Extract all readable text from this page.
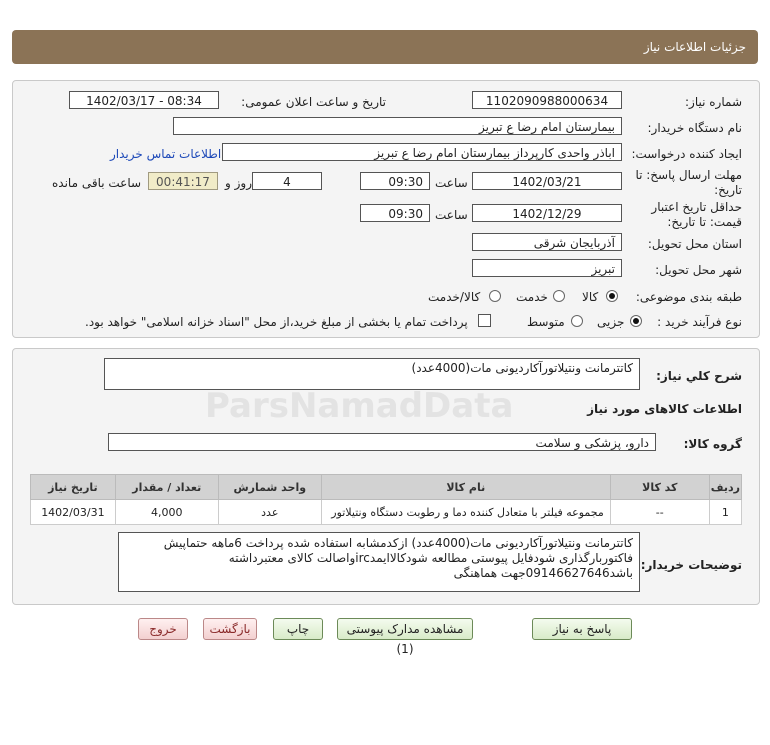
جزئیات اطلاعات نیاز
شماره نیاز:
1102090988000634
تاریخ و ساعت اعلان عمومی:
1402/03/17 - 08:34
نام دستگاه خریدار:
بیمارستان امام رضا ع تبریز
ایجاد کننده درخواست:
اباذر واحدی کارپرداز بیمارستان امام رضا ع تبریز
اطلاعات تماس خریدار
مهلت ارسال پاسخ: تا تاریخ:
1402/03/21
ساعت
09:30
4
روز و
00:41:17
ساعت باقی مانده
حداقل تاریخ اعتبار قیمت: تا تاریخ:
1402/12/29
ساعت
09:30
استان محل تحویل:
آذربایجان شرقی
شهر محل تحویل:
تبریز
طبقه بندی موضوعی:
کالا
خدمت
کالا/خدمت
نوع فرآیند خرید :
جزیی
متوسط
پرداخت تمام یا بخشی از مبلغ خرید،از محل "اسناد خزانه اسلامی" خواهد بود.
شرح کلي نياز:
کاتترمانت ونتیلاتورآکاردیونی مات(4000عدد)
اطلاعات کالاهای مورد نیاز
گروه کالا:
دارو، پزشکی و سلامت
ردیف	کد کالا	نام کالا	واحد شمارش	تعداد / مقدار	تاریخ نیاز
1	--	مجموعه فیلتر با متعادل کننده دما و رطوبت دستگاه ونتیلاتور	عدد	4,000	1402/03/31
توضیحات خریدار:
کاتترمانت ونتیلاتورآکاردیونی مات(4000عدد) ازکدمشابه استفاده شده پرداخت 6ماهه حتماپیش
فاکتوربارگذاری شودفایل پیوستی مطالعه شودکالاایمدircواصالت کالای معتبرداشته
باشد09146627646جهت هماهنگی
پاسخ به نیاز
مشاهده مدارک پیوستی (1)
چاپ
بازگشت
خروج
